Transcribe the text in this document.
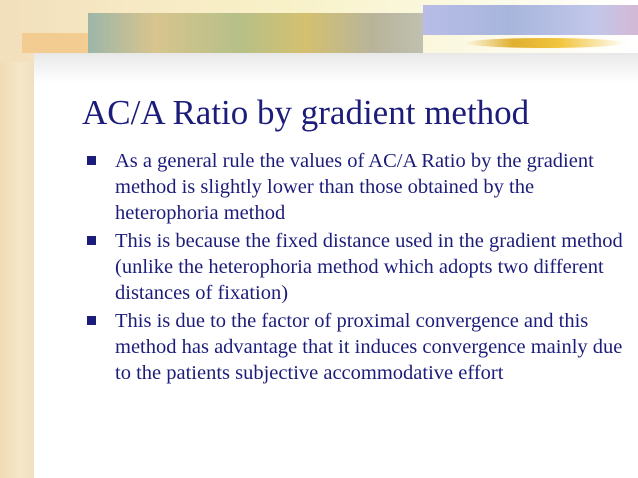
AC/A Ratio by gradient method
As a general rule the values of AC/A Ratio by the gradient method is slightly lower than those obtained by the heterophoria method
This is because the fixed distance used in the gradient method (unlike the heterophoria method which adopts two different distances of fixation)
This is due to the factor of proximal convergence and this method has advantage that it induces convergence mainly due to the patients subjective accommodative effort
